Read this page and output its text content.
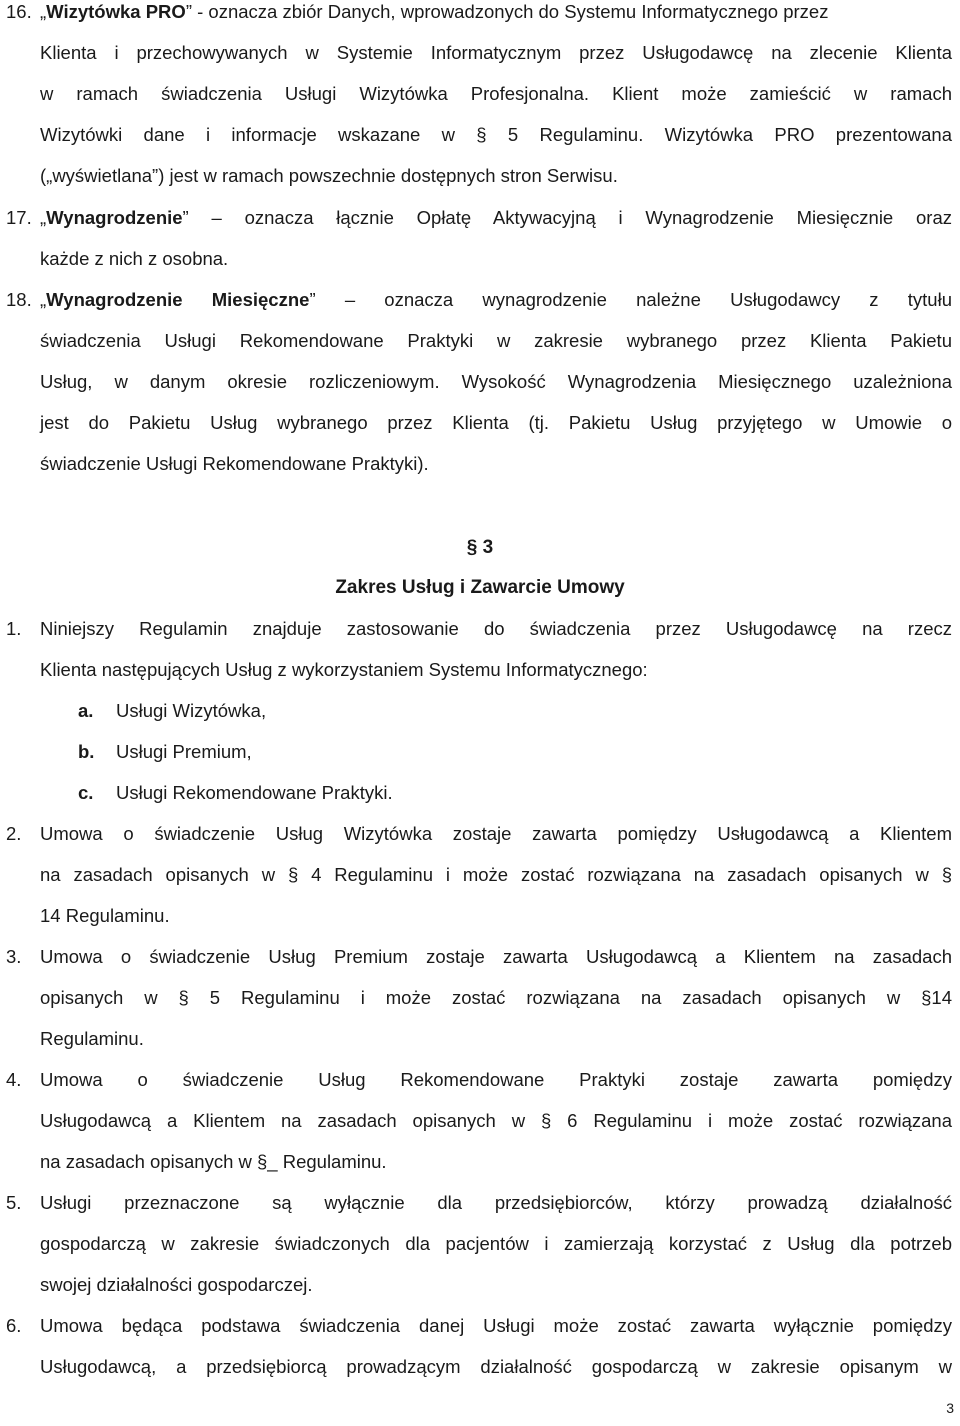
16. „Wizytówka PRO” - oznacza zbiór Danych, wprowadzonych do Systemu Informatycznego przez
Klienta i przechowywanych w Systemie Informatycznym przez Usługodawcę na zlecenie Klienta
w ramach świadczenia Usługi Wizytówka Profesjonalna. Klient może zamieścić w ramach
Wizytówki dane i informacje wskazane w § 5 Regulaminu. Wizytówka PRO prezentowana
(„wyświetlana”) jest w ramach powszechnie dostępnych stron Serwisu.
17. „Wynagrodzenie” – oznacza łącznie Opłatę Aktywacyjną i Wynagrodzenie Miesięcznie oraz
każde z nich z osobna.
18. „Wynagrodzenie Miesięczne” – oznacza wynagrodzenie należne Usługodawcy z tytułu
świadczenia Usługi Rekomendowane Praktyki w zakresie wybranego przez Klienta Pakietu
Usług, w danym okresie rozliczeniowym. Wysokość Wynagrodzenia Miesięcznego uzależniona
jest do Pakietu Usług wybranego przez Klienta (tj. Pakietu Usług przyjętego w Umowie o
świadczenie Usługi Rekomendowane Praktyki).
§ 3
Zakres Usług i Zawarcie Umowy
1. Niniejszy Regulamin znajduje zastosowanie do świadczenia przez Usługodawcę na rzecz
Klienta następujących Usług z wykorzystaniem Systemu Informatycznego:
a. Usługi Wizytówka,
b. Usługi Premium,
c. Usługi Rekomendowane Praktyki.
2. Umowa o świadczenie Usług Wizytówka zostaje zawarta pomiędzy Usługodawcą a Klientem
na zasadach opisanych w § 4 Regulaminu i może zostać rozwiązana na zasadach opisanych w §
14 Regulaminu.
3. Umowa o świadczenie Usług Premium zostaje zawarta Usługodawcą a Klientem na zasadach
opisanych w § 5 Regulaminu i może zostać rozwiązana na zasadach opisanych w §14
Regulaminu.
4. Umowa o świadczenie Usług Rekomendowane Praktyki zostaje zawarta pomiędzy
Usługodawcą a Klientem na zasadach opisanych w § 6 Regulaminu i może zostać rozwiązana
na zasadach opisanych w §_ Regulaminu.
5. Usługi przeznaczone są wyłącznie dla przedsiębiorców, którzy prowadzą działalność
gospodarczą w zakresie świadczonych dla pacjentów i zamierzają korzystać z Usług dla potrzeb
swojej działalności gospodarczej.
6. Umowa będąca podstawa świadczenia danej Usługi może zostać zawarta wyłącznie pomiędzy
Usługodawcą, a przedsiębiorcą prowadzącym działalność gospodarczą w zakresie opisanym w
3
